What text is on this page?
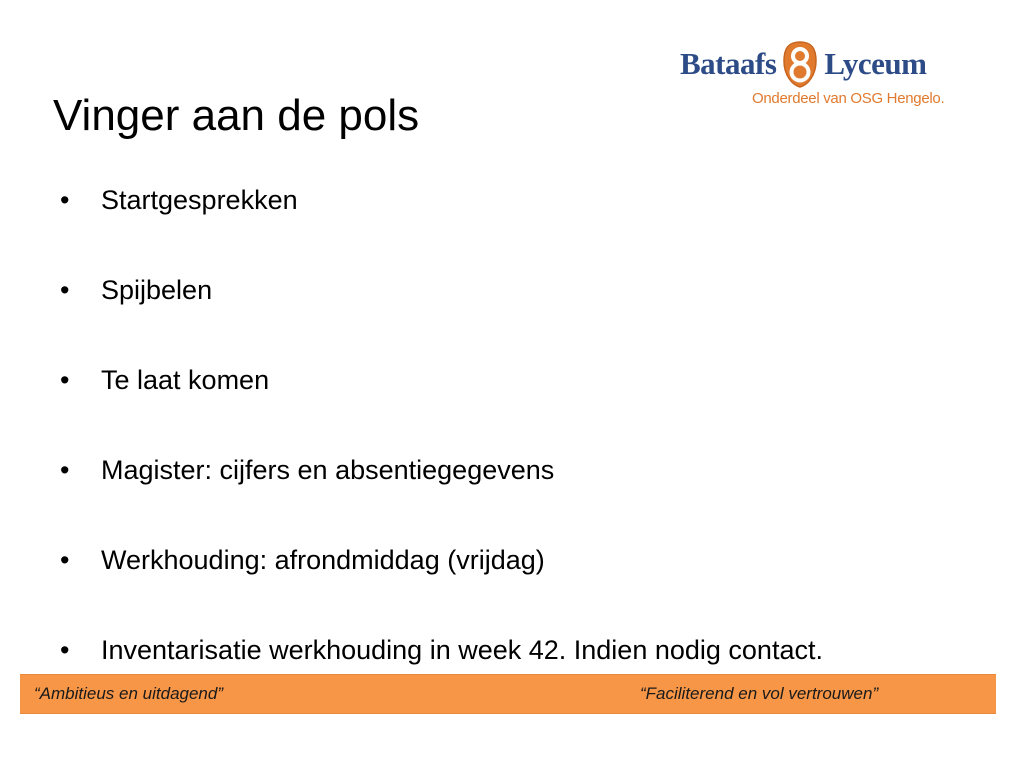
Vinger aan de pols
Bataafs Lyceum
Onderdeel van OSG Hengelo.
•	Startgesprekken
•	Spijbelen
•	Te laat komen
•	Magister: cijfers en absentiegegevens
•	Werkhouding: afrondmiddag (vrijdag)
•	Inventarisatie werkhouding in week 42. Indien nodig contact.
“Ambitieus en uitdagend”	“Faciliterend en vol vertrouwen”
